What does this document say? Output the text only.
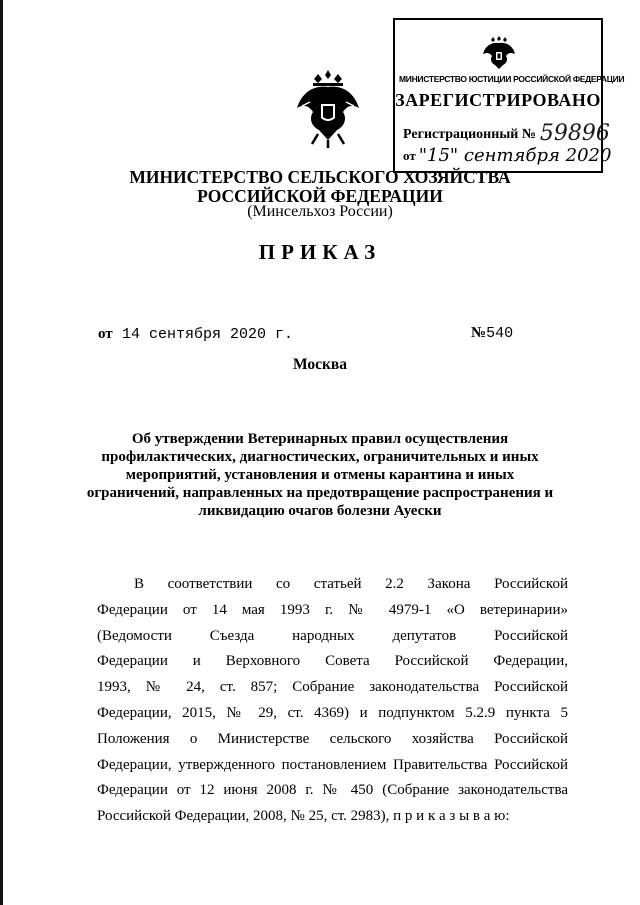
МИНИСТЕРСТВО ЮСТИЦИИ РОССИЙСКОЙ ФЕДЕРАЦИИ
ЗАРЕГИСТРИРОВАНО
Регистрационный № 59896
от "15" сентября 2020
МИНИСТЕРСТВО СЕЛЬСКОГО ХОЗЯЙСТВА
РОССИЙСКОЙ ФЕДЕРАЦИИ
(Минсельхоз России)
ПРИКАЗ
от 14 сентября 2020 г.	№540
Москва
Об утверждении Ветеринарных правил осуществления
профилактических, диагностических, ограничительных и иных
мероприятий, установления и отмены карантина и иных
ограничений, направленных на предотвращение распространения и
ликвидацию очагов болезни Ауески
В соответствии со статьей 2.2 Закона Российской
Федерации от 14 мая 1993 г. № 4979-1 «О ветеринарии»
(Ведомости Съезда народных депутатов Российской
Федерации и Верховного Совета Российской Федерации,
1993, № 24, ст. 857; Собрание законодательства Российской
Федерации, 2015, № 29, ст. 4369) и подпунктом 5.2.9 пункта 5
Положения о Министерстве сельского хозяйства Российской
Федерации, утвержденного постановлением Правительства Российской
Федерации от 12 июня 2008 г. № 450 (Собрание законодательства
Российской Федерации, 2008, № 25, ст. 2983), п р и к а з ы в а ю:
